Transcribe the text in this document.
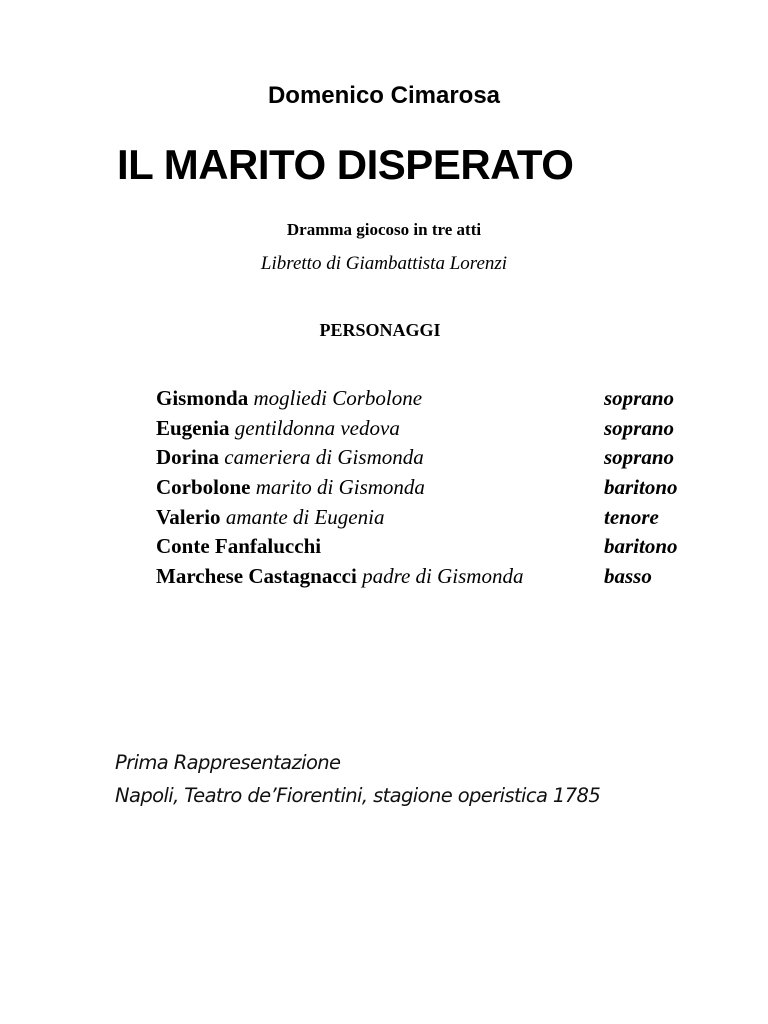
Domenico Cimarosa
IL MARITO DISPERATO
Dramma giocoso in tre atti
Libretto di Giambattista Lorenzi
PERSONAGGI
Gismonda mogliedi Corbolone	soprano
Eugenia gentildonna vedova	soprano
Dorina cameriera di Gismonda	soprano
Corbolone marito di Gismonda	baritono
Valerio amante di Eugenia	tenore
Conte Fanfalucchi	baritono
Marchese Castagnacci padre di Gismonda	basso
Prima Rappresentazione
Napoli, Teatro de’Fiorentini, stagione operistica 1785
